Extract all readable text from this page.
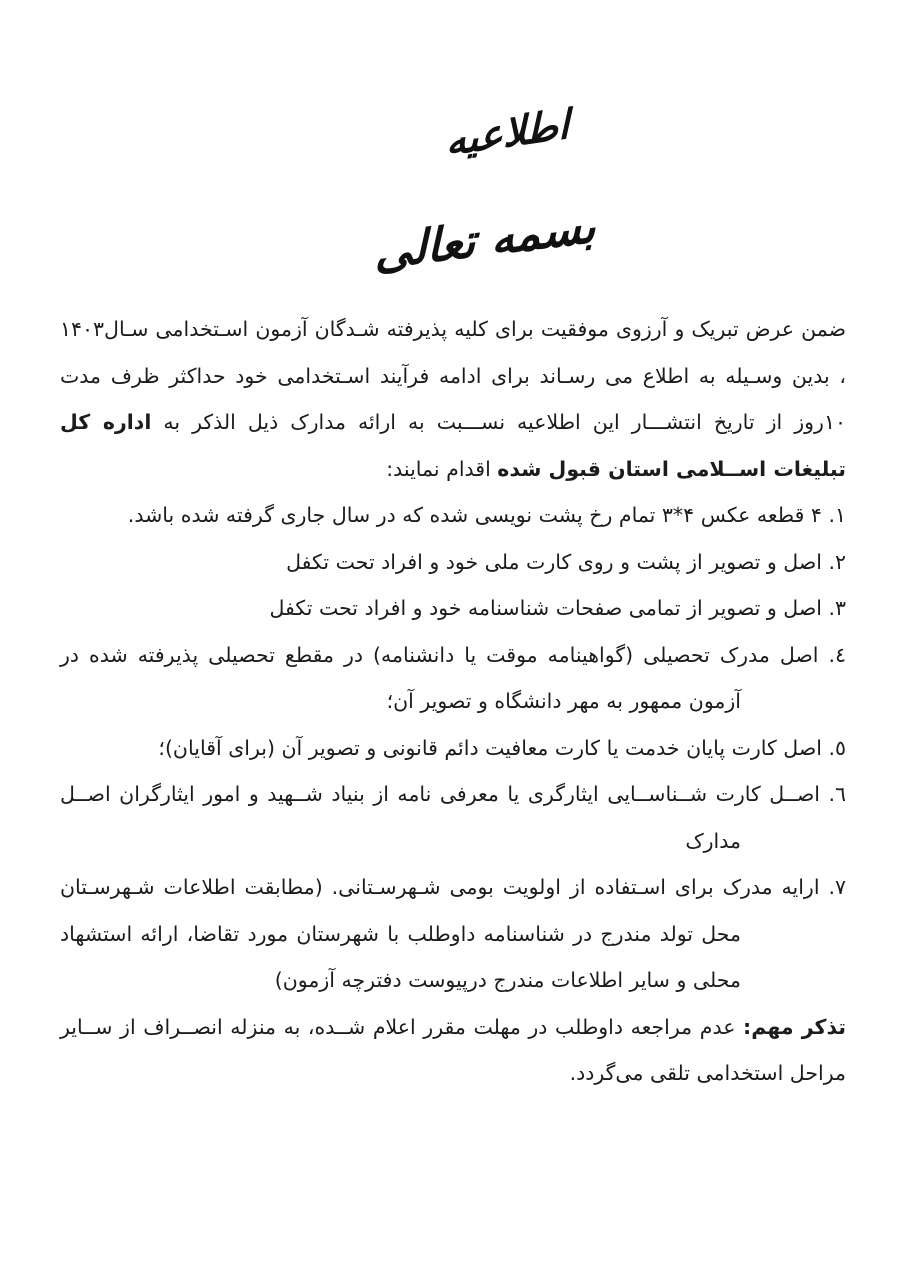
اطلاعیه
بسمه تعالی

ضمن عرض تبریک و آرزوی موفقیت برای کلیه پذیرفته شـدگان آزمون اسـتخدامی سـال۱۴۰۳ ، بدین وسـیله به اطلاع می رسـاند برای ادامه فرآیند اسـتخدامی خود حداکثر ظرف مدت ۱۰روز از تاریخ انتشـــار این اطلاعیه نســـبت به ارائه مدارک ذیل الذکر به اداره کل تبلیغات اســلامی استان قبول شده اقدام نمایند:

۱. ۴ قطعه عکس ۴*۳ تمام رخ پشت نویسی شده که در سال جاری گرفته شده باشد.
۲. اصل و تصویر از پشت و روی کارت ملی خود و افراد تحت تکفل
۳. اصل و تصویر از تمامی صفحات شناسنامه خود و افراد تحت تکفل
٤. اصل مدرک تحصیلی (گواهینامه موقت یا دانشنامه) در مقطع تحصیلی پذیرفته شده در آزمون ممهور به مهر دانشگاه و تصویر آن؛
٥. اصل کارت پایان خدمت یا کارت معافیت دائم قانونی و تصویر آن (برای آقایان)؛
٦. اصــل کارت شــناســایی ایثارگری یا معرفی نامه از بنیاد شــهید و امور ایثارگران اصــل مدارک
۷. ارایه مدرک برای اسـتفاده از اولویت بومی شـهرسـتانی. (مطابقت اطلاعات شـهرسـتان محل تولد مندرج در شناسنامه داوطلب با شهرستان مورد تقاضا، ارائه استشهاد محلی و سایر اطلاعات مندرج درپیوست دفترچه آزمون)

تذکر مهم: عدم مراجعه داوطلب در مهلت مقرر اعلام شــده، به منزله انصــراف از ســایر مراحل استخدامی تلقی می‌گردد.
